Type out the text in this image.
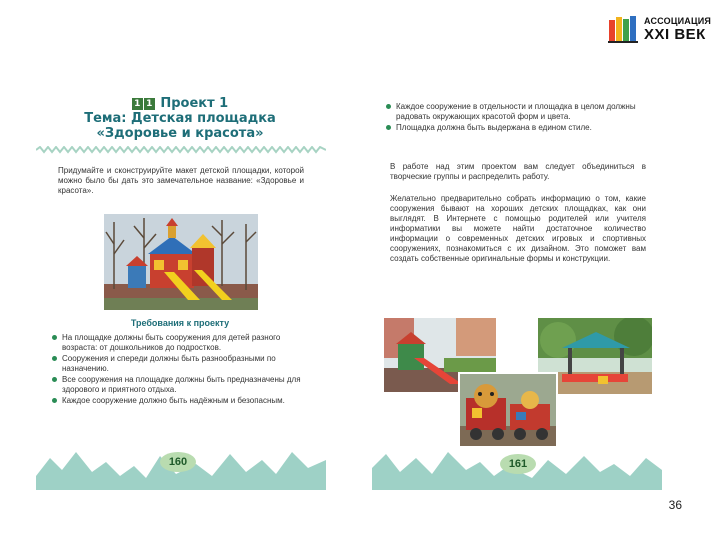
АССОЦИАЦИЯ
XXI ВЕК
1 1 Проект 1
Тема: Детская площадка
«Здоровье и красота»
Придумайте и сконструируйте макет детской площадки, которой можно было бы дать это замечательное название: «Здоровье и красота».
Требования к проекту
На площадке должны быть сооружения для детей разного возраста: от дошкольников до подростков.
Сооружения и спереди должны быть разнообразными по назначению.
Все сооружения на площадке должны быть предназначены для здорового и приятного отдыха.
Каждое сооружение должно быть надёжным и безопасным.
160
Каждое сооружение в отдельности и площадка в целом должны радовать окружающих красотой форм и цвета.
Площадка должна быть выдержана в едином стиле.
В работе над этим проектом вам следует объединиться в творческие группы и распределить работу.
Желательно предварительно собрать информацию о том, какие сооружения бывают на хороших детских площадках, как они выглядят. В Интернете с помощью родителей или учителя информатики вы можете найти достаточное количество информации о современных детских игровых и спортивных сооружениях, познакомиться с их дизайном. Это поможет вам создать собственные оригинальные формы и конструкции.
161
36
